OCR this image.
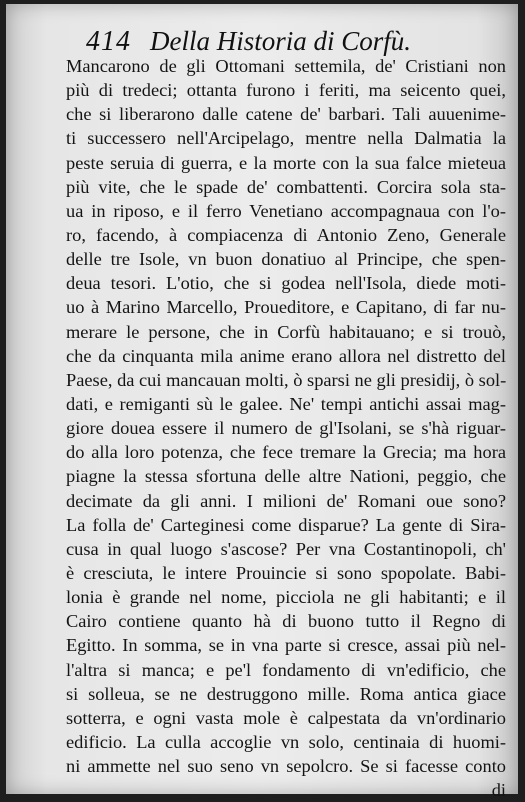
414 Della Historia di Corfù.
Mancarono de gli Ottomani settemila, de' Cristiani non
più di tredeci; ottanta furono i feriti, ma seicento quei,
che si liberarono dalle catene de' barbari. Tali auuenime-
ti successero nell'Arcipelago, mentre nella Dalmatia la
peste seruia di guerra, e la morte con la sua falce mieteua
più vite, che le spade de' combattenti. Corcira sola sta-
ua in riposo, e il ferro Venetiano accompagnaua con l'o-
ro, facendo, à compiacenza di Antonio Zeno, Generale
delle tre Isole, vn buon donatiuo al Principe, che spen-
deua tesori. L'otio, che si godea nell'Isola, diede moti-
uo à Marino Marcello, Proueditore, e Capitano, di far nu-
merare le persone, che in Corfù habitauano; e si trouò,
che da cinquanta mila anime erano allora nel distretto del
Paese, da cui mancauan molti, ò sparsi ne gli presidij, ò sol-
dati, e remiganti sù le galee. Ne' tempi antichi assai mag-
giore douea essere il numero de gl'Isolani, se s'hà riguar-
do alla loro potenza, che fece tremare la Grecia; ma hora
piagne la stessa sfortuna delle altre Nationi, peggio, che
decimate da gli anni. I milioni de' Romani oue sono?
La folla de' Carteginesi come disparue? La gente di Sira-
cusa in qual luogo s'ascose? Per vna Costantinopoli, ch'
è cresciuta, le intere Prouincie si sono spopolate. Babi-
lonia è grande nel nome, picciola ne gli habitanti; e il
Cairo contiene quanto hà di buono tutto il Regno di
Egitto. In somma, se in vna parte si cresce, assai più nel-
l'altra si manca; e pe'l fondamento di vn'edificio, che
si solleua, se ne destruggono mille. Roma antica giace
sotterra, e ogni vasta mole è calpestata da vn'ordinario
edificio. La culla accoglie vn solo, centinaia di huomi-
ni ammette nel suo seno vn sepolcro. Se si facesse conto
di
